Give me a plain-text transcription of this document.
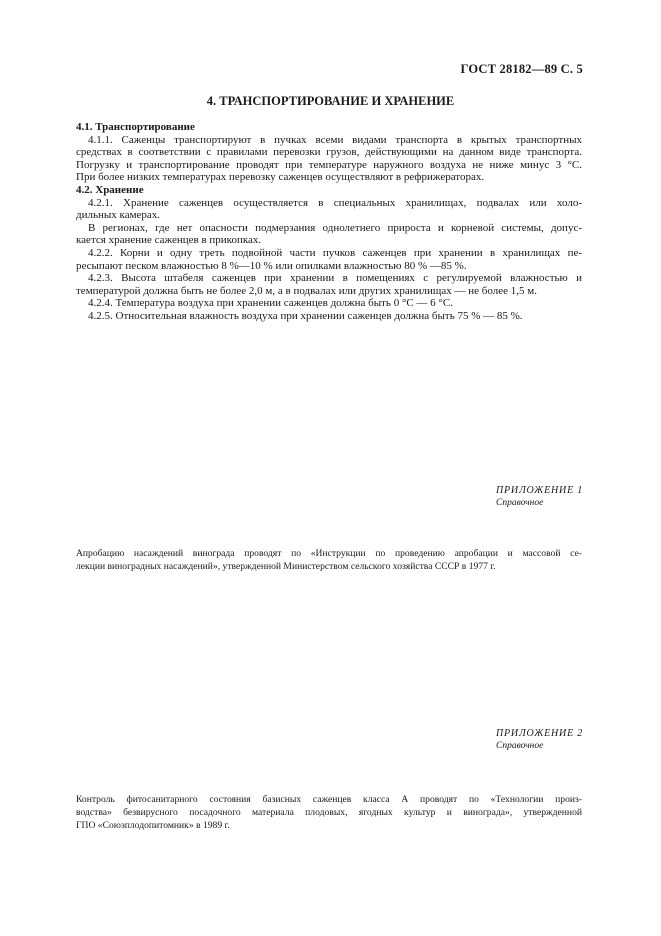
ГОСТ 28182—89 С. 5
4. ТРАНСПОРТИРОВАНИЕ И ХРАНЕНИЕ
4.1. Транспортирование
4.1.1. Саженцы транспортируют в пучках всеми видами транспорта в крытых транспортных
средствах в соответствии с правилами перевозки грузов, действующими на данном виде транспорта.
Погрузку и транспортирование проводят при температуре наружного воздуха не ниже минус 3 °С.
При более низких температурах перевозку саженцев осуществляют в рефрижераторах.
4.2. Хранение
4.2.1. Хранение саженцев осуществляется в специальных хранилищах, подвалах или холо-
дильных камерах.
В регионах, где нет опасности подмерзания однолетнего прироста и корневой системы, допус-
кается хранение саженцев в прикопках.
4.2.2. Корни и одну треть подвойной части пучков саженцев при хранении в хранилищах пе-
ресыпают песком влажностью 8 %—10 % или опилками влажностью 80 % —85 %.
4.2.3. Высота штабеля саженцев при хранении в помещениях с регулируемой влажностью и
температурой должна быть не более 2,0 м, а в подвалах или других хранилищах — не более 1,5 м.
4.2.4. Температура воздуха при хранении саженцев должна быть 0 °С — 6 °С.
4.2.5. Относительная влажность воздуха при хранении саженцев должна быть 75 % — 85 %.
ПРИЛОЖЕНИЕ 1
Справочное
Апробацию насаждений винограда проводят по «Инструкции по проведению апробации и массовой се-
лекции виноградных насаждений», утвержденной Министерством сельского хозяйства СССР в 1977 г.
ПРИЛОЖЕНИЕ 2
Справочное
Контроль фитосанитарного состояния базисных саженцев класса А проводят по «Технологии произ-
водства» безвирусного посадочного материала плодовых, ягодных культур и винограда», утвержденной
ГПО «Союзплодопитомник» в 1989 г.
